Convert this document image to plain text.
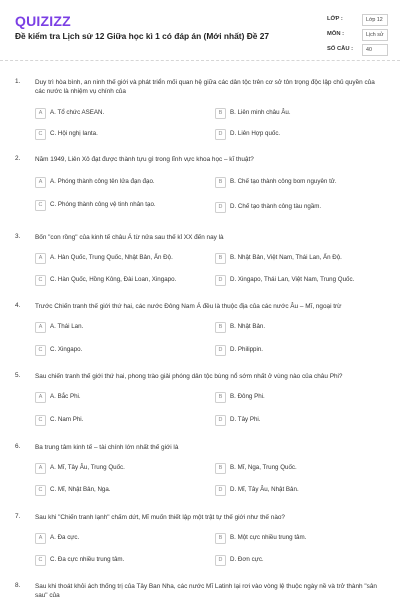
QUIZIZZ
Đề kiểm tra Lịch sử 12 Giữa học kì 1 có đáp án (Mới nhất) Đề 27
LỚP :	Lớp 12
MÔN :	Lịch sử
SỐ CÂU :	40
1. Duy trì hòa bình, an ninh thế giới và phát triển mối quan hệ giữa các dân tộc trên cơ sở tôn trọng độc lập chủ quyền của các nước là nhiệm vụ chính của
A	A. Tổ chức ASEAN.	B	B. Liên minh châu Âu.
C	C. Hội nghị Ianta.	D	D. Liên Hợp quốc.
2. Năm 1949, Liên Xô đạt được thành tựu gì trong lĩnh vực khoa học – kĩ thuật?
A	A. Phóng thành công tên lửa đạn đạo.	B	B. Chế tạo thành công bom nguyên tử.
C	C. Phóng thành công vệ tinh nhân tạo.	D	D. Chế tạo thành công tàu ngầm.
3. Bốn "con rồng" của kinh tế châu Á từ nửa sau thế kỉ XX đến nay là
A	A. Hàn Quốc, Trung Quốc, Nhật Bản, Ấn Độ.	B	B. Nhật Bản, Việt Nam, Thái Lan, Ấn Độ.
C	C. Hàn Quốc, Hồng Kông, Đài Loan, Xingapo.	D	D. Xingapo, Thái Lan, Việt Nam, Trung Quốc.
4. Trước Chiến tranh thế giới thứ hai, các nước Đông Nam Á đều là thuộc địa của các nước Âu – Mĩ, ngoại trừ
A	A. Thái Lan.	B	B. Nhật Bản.
C	C. Xingapo.	D	D. Philippin.
5. Sau chiến tranh thế giới thứ hai, phong trào giải phóng dân tộc bùng nổ sớm nhất ở vùng nào của châu Phi?
A	A. Bắc Phi.	B	B. Đông Phi.
C	C. Nam Phi.	D	D. Tây Phi.
6. Ba trung tâm kinh tế – tài chính lớn nhất thế giới là
A	A. Mĩ, Tây Âu, Trung Quốc.	B	B. Mĩ, Nga, Trung Quốc.
C	C. Mĩ, Nhật Bản, Nga.	D	D. Mĩ, Tây Âu, Nhật Bản.
7. Sau khi "Chiến tranh lạnh" chấm dứt, Mĩ muốn thiết lập một trật tự thế giới như thế nào?
A	A. Đa cực.	B	B. Một cực nhiều trung tâm.
C	C. Đa cực nhiều trung tâm.	D	D. Đơn cực.
8. Sau khi thoát khỏi ách thống trị của Tây Ban Nha, các nước Mĩ Latinh lại rơi vào vòng lệ thuộc ngày nề và trở thành "sân sau" của
